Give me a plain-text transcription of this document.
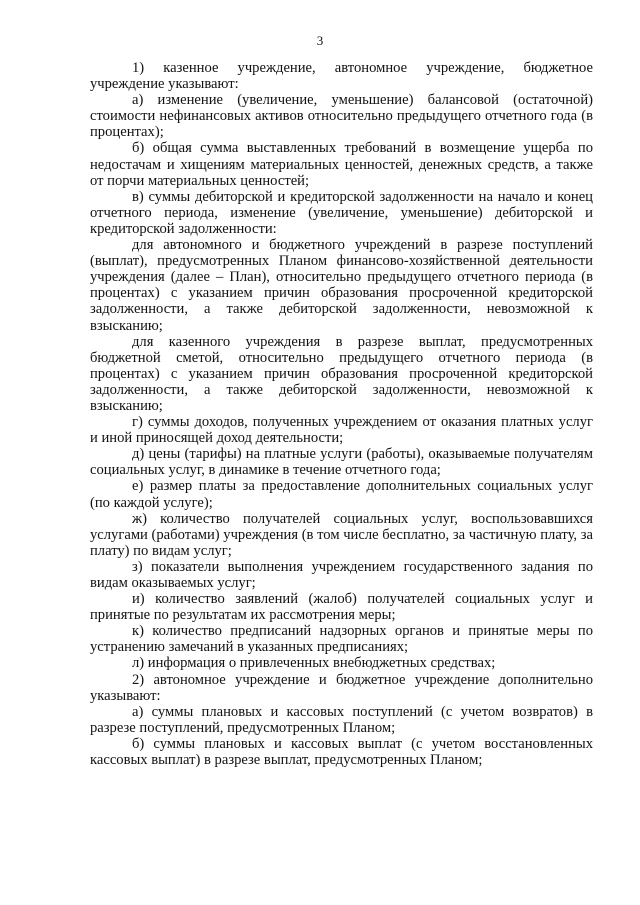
3

1) казенное учреждение, автономное учреждение, бюджетное учреждение указывают:

а) изменение (увеличение, уменьшение) балансовой (остаточной) стоимости нефинансовых активов относительно предыдущего отчетного года (в процентах);

б) общая сумма выставленных требований в возмещение ущерба по недостачам и хищениям материальных ценностей, денежных средств, а также от порчи материальных ценностей;

в) суммы дебиторской и кредиторской задолженности на начало и конец отчетного периода, изменение (увеличение, уменьшение) дебиторской и кредиторской задолженности:

для автономного и бюджетного учреждений в разрезе поступлений (выплат), предусмотренных Планом финансово-хозяйственной деятельности учреждения (далее – План), относительно предыдущего отчетного периода (в процентах) с указанием причин образования просроченной кредиторской задолженности, а также дебиторской задолженности, невозможной к взысканию;

для казенного учреждения в разрезе выплат, предусмотренных бюджетной сметой, относительно предыдущего отчетного периода (в процентах) с указанием причин образования просроченной кредиторской задолженности, а также дебиторской задолженности, невозможной к взысканию;

г) суммы доходов, полученных учреждением от оказания платных услуг и иной приносящей доход деятельности;

д) цены (тарифы) на платные услуги (работы), оказываемые получателям социальных услуг, в динамике в течение отчетного года;

е) размер платы за предоставление дополнительных социальных услуг (по каждой услуге);

ж) количество получателей социальных услуг, воспользовавшихся услугами (работами) учреждения (в том числе бесплатно, за частичную плату, за плату) по видам услуг;

з) показатели выполнения учреждением государственного задания по видам оказываемых услуг;

и) количество заявлений (жалоб) получателей социальных услуг и принятые по результатам их рассмотрения меры;

к) количество предписаний надзорных органов и принятые меры по устранению замечаний в указанных предписаниях;

л) информация о привлеченных внебюджетных средствах;

2) автономное учреждение и бюджетное учреждение дополнительно указывают:

а) суммы плановых и кассовых поступлений (с учетом возвратов) в разрезе поступлений, предусмотренных Планом;

б) суммы плановых и кассовых выплат (с учетом восстановленных кассовых выплат) в разрезе выплат, предусмотренных Планом;
